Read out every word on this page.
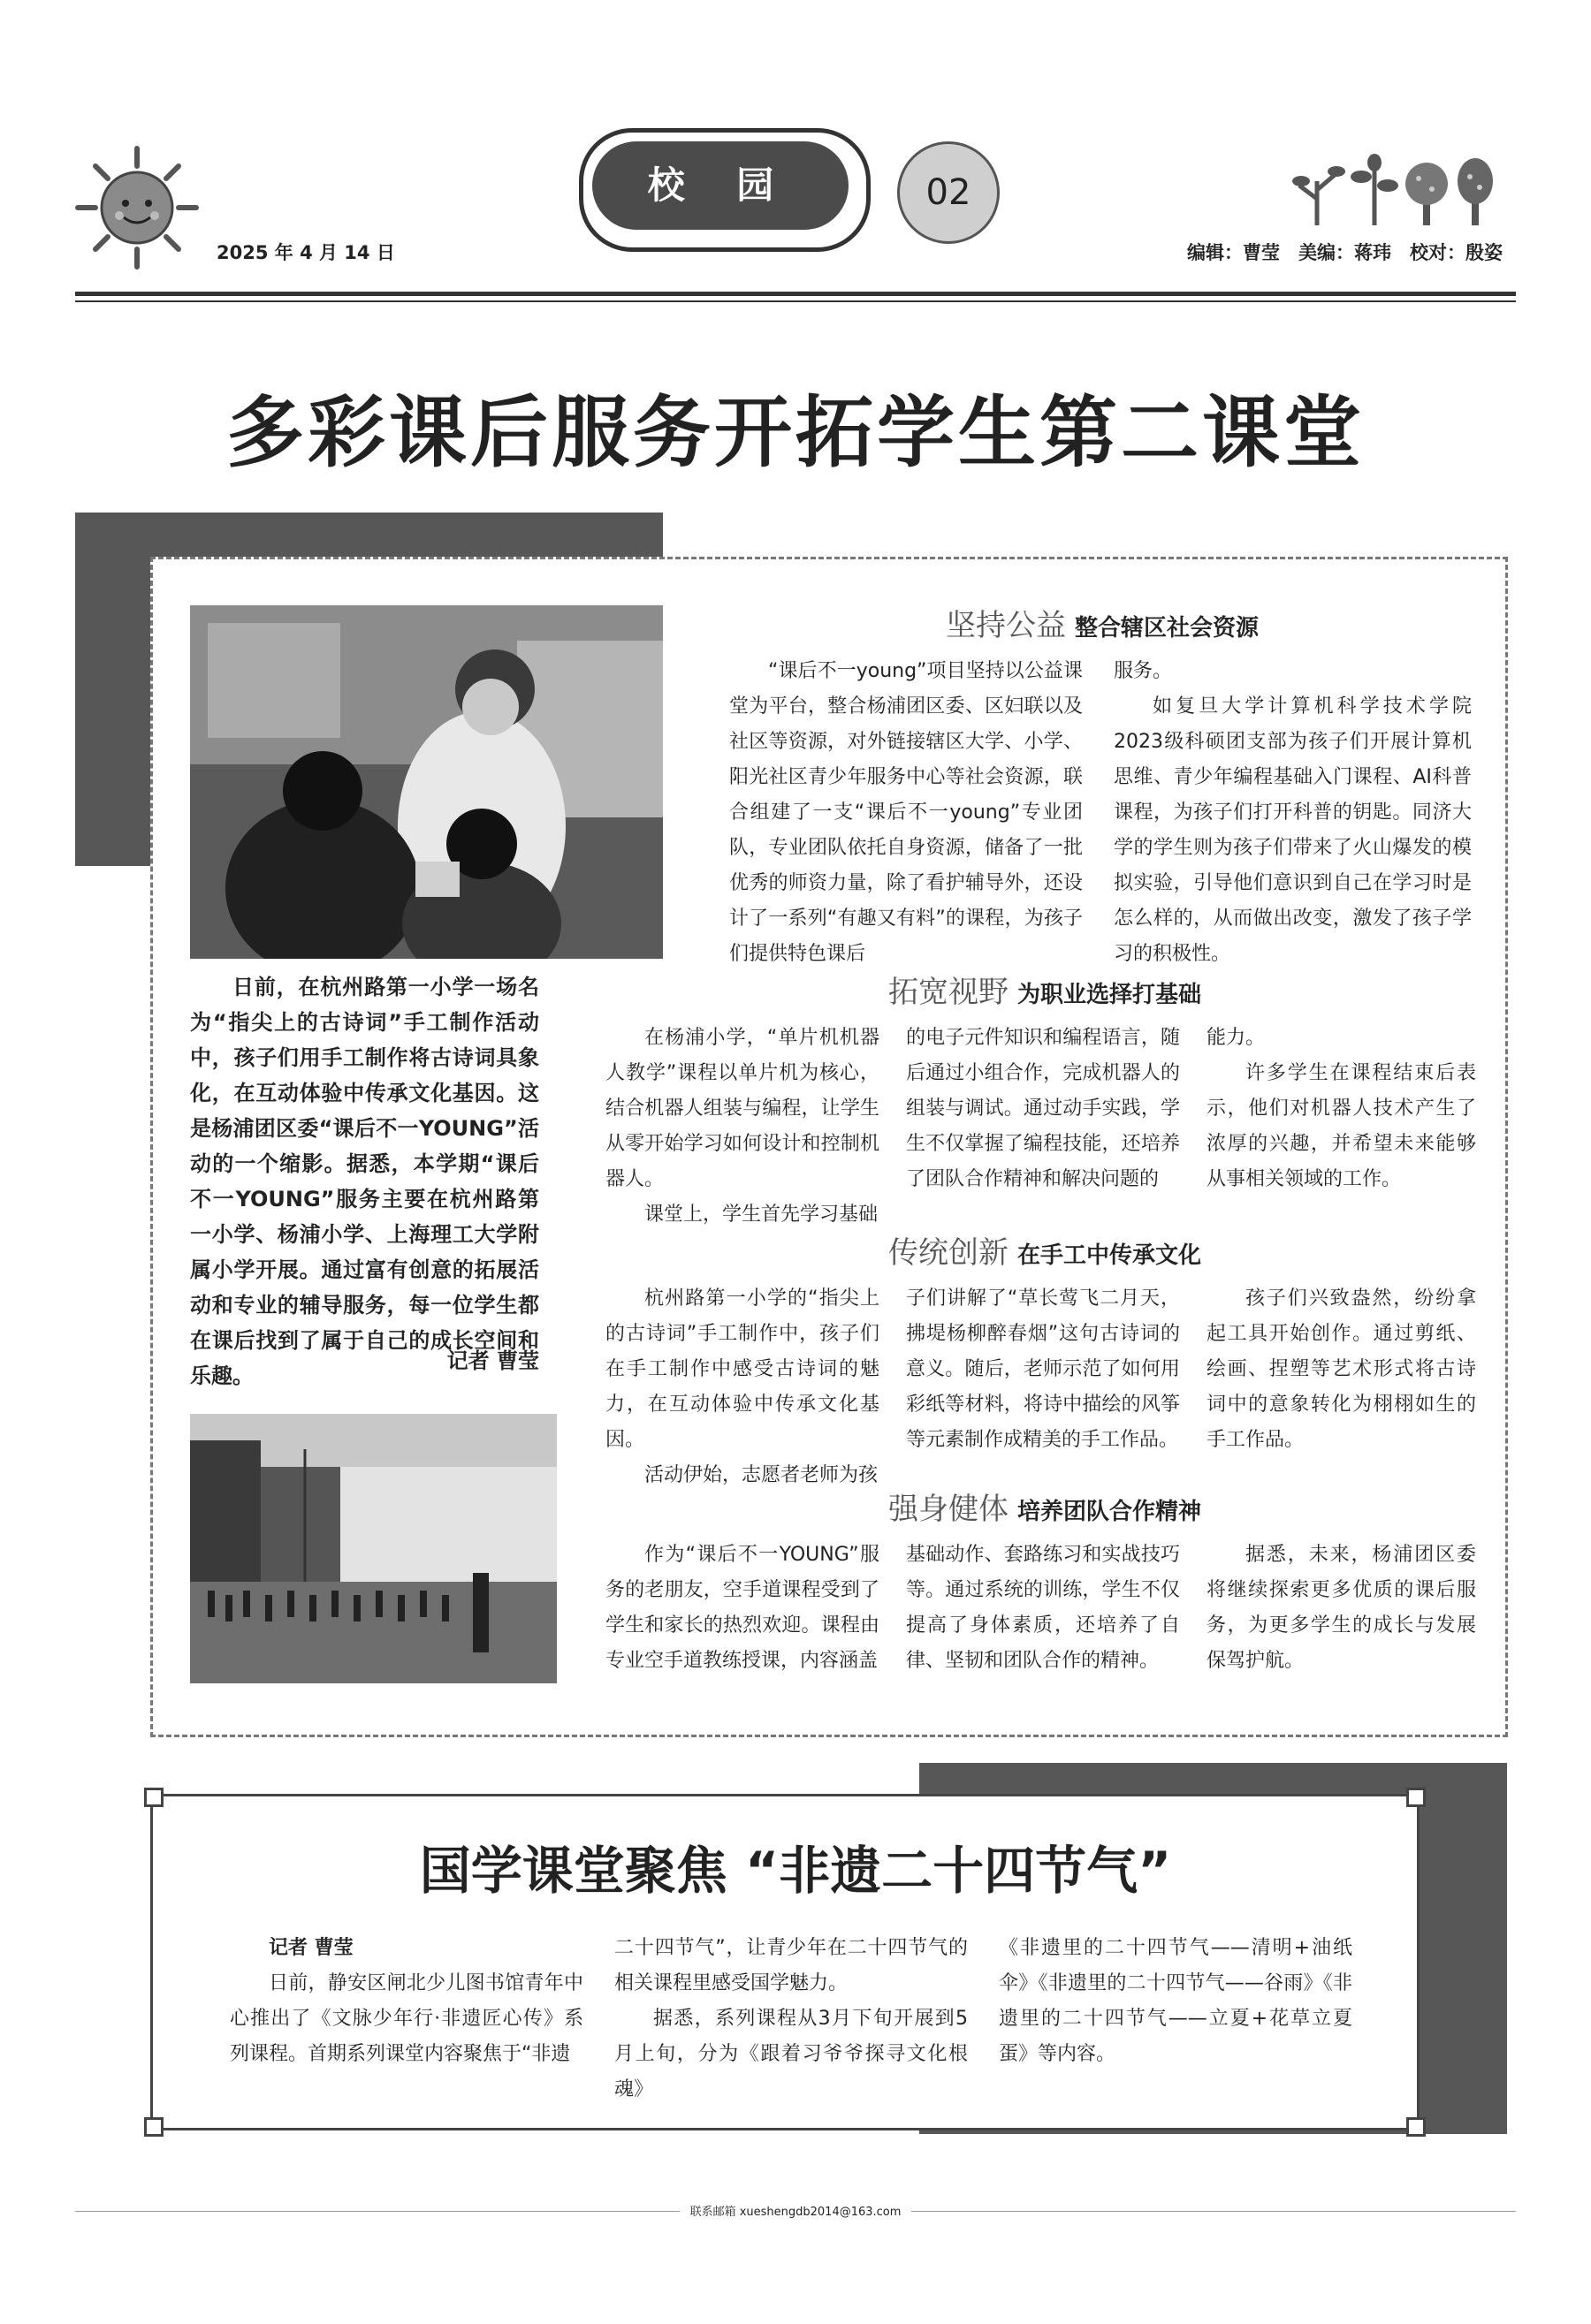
2025 年 4 月 14 日
校 园	02
编辑：曹莹　美编：蒋玮　校对：殷姿
多彩课后服务开拓学生第二课堂
日前，在杭州路第一小学一场名为“指尖上的古诗词”手工制作活动中，孩子们用手工制作将古诗词具象化，在互动体验中传承文化基因。这是杨浦团区委“课后不一YOUNG”活动的一个缩影。据悉，本学期“课后不一YOUNG”服务主要在杭州路第一小学、杨浦小学、上海理工大学附属小学开展。通过富有创意的拓展活动和专业的辅导服务，每一位学生都在课后找到了属于自己的成长空间和乐趣。
记者 曹莹
坚持公益 整合辖区社会资源

“课后不一young”项目坚持以公益课堂为平台，整合杨浦团区委、区妇联以及社区等资源，对外链接辖区大学、小学、阳光社区青少年服务中心等社会资源，联合组建了一支“课后不一young”专业团队，专业团队依托自身资源，储备了一批优秀的师资力量，除了看护辅导外，还设计了一系列“有趣又有料”的课程，为孩子们提供特色课后

服务。

如复旦大学计算机科学技术学院2023级科硕团支部为孩子们开展计算机思维、青少年编程基础入门课程、AI科普课程，为孩子们打开科普的钥匙。同济大学的学生则为孩子们带来了火山爆发的模拟实验，引导他们意识到自己在学习时是怎么样的，从而做出改变，激发了孩子学习的积极性。

拓宽视野 为职业选择打基础

在杨浦小学，“单片机机器人教学”课程以单片机为核心，结合机器人组装与编程，让学生从零开始学习如何设计和控制机器人。

课堂上，学生首先学习基础

的电子元件知识和编程语言，随后通过小组合作，完成机器人的组装与调试。通过动手实践，学生不仅掌握了编程技能，还培养了团队合作精神和解决问题的

能力。

许多学生在课程结束后表示，他们对机器人技术产生了浓厚的兴趣，并希望未来能够从事相关领域的工作。

传统创新 在手工中传承文化

杭州路第一小学的“指尖上的古诗词”手工制作中，孩子们在手工制作中感受古诗词的魅力，在互动体验中传承文化基因。

活动伊始，志愿者老师为孩

子们讲解了“草长莺飞二月天，拂堤杨柳醉春烟”这句古诗词的意义。随后，老师示范了如何用彩纸等材料，将诗中描绘的风筝等元素制作成精美的手工作品。

孩子们兴致盎然，纷纷拿起工具开始创作。通过剪纸、绘画、捏塑等艺术形式将古诗词中的意象转化为栩栩如生的手工作品。

强身健体 培养团队合作精神

作为“课后不一YOUNG”服务的老朋友，空手道课程受到了学生和家长的热烈欢迎。课程由专业空手道教练授课，内容涵盖

基础动作、套路练习和实战技巧等。通过系统的训练，学生不仅提高了身体素质，还培养了自律、坚韧和团队合作的精神。

据悉，未来，杨浦团区委将继续探索更多优质的课后服务，为更多学生的成长与发展保驾护航。

国学课堂聚焦 “非遗二十四节气”

记者 曹莹

日前，静安区闸北少儿图书馆青年中心推出了《文脉少年行·非遗匠心传》系列课程。首期系列课堂内容聚焦于“非遗

二十四节气”，让青少年在二十四节气的相关课程里感受国学魅力。

据悉，系列课程从3月下旬开展到5月上旬，分为《跟着习爷爷探寻文化根魂》

《非遗里的二十四节气——清明+油纸伞》《非遗里的二十四节气——谷雨》《非遗里的二十四节气——立夏+花草立夏蛋》等内容。

联系邮箱 xueshengdb2014@163.com
